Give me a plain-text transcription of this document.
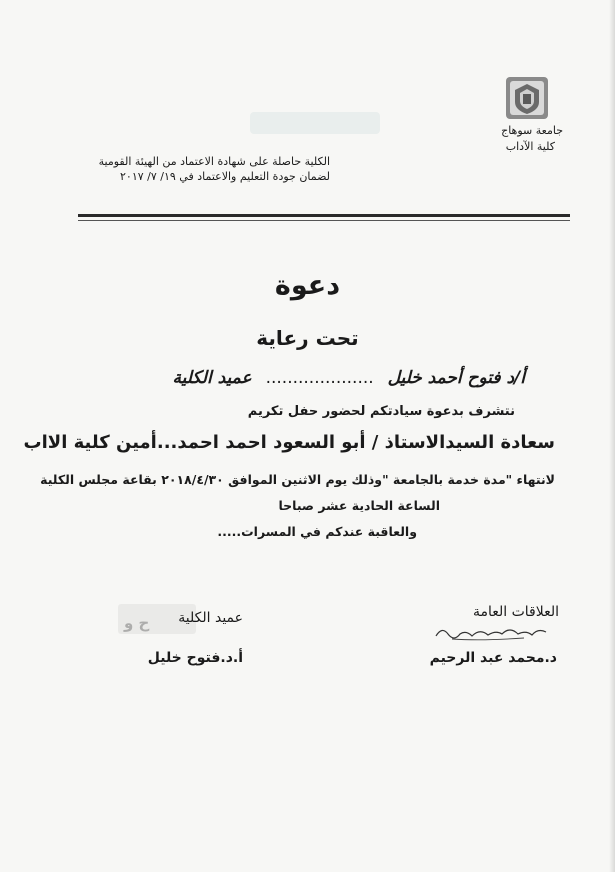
جامعة سوهاج
كلية الآداب
الكلية حاصلة على شهادة الاعتماد من الهيئة القومية
لضمان جودة التعليم والاعتماد في ١٩/ ٧/ ٢٠١٧
دعوة
تحت رعاية
أ/د فتوح أحمد خليل .................... عميد الكلية
نتشرف بدعوة سيادتكم لحضور حفل تكريم
سعادة السيدالاستاذ / أبو السعود احمد احمد...أمين كلية الااب
لانتهاء "مدة خدمة بالجامعة "وذلك يوم الاثنين الموافق ٢٠١٨/٤/٣٠ بقاعة مجلس الكلية
الساعة الحادية عشر صباحا
والعاقبة عندكم في المسرات.....
العلاقات العامة
د.محمد عبد الرحيم
ح و عميد الكلية
أ.د.فتوح خليل
